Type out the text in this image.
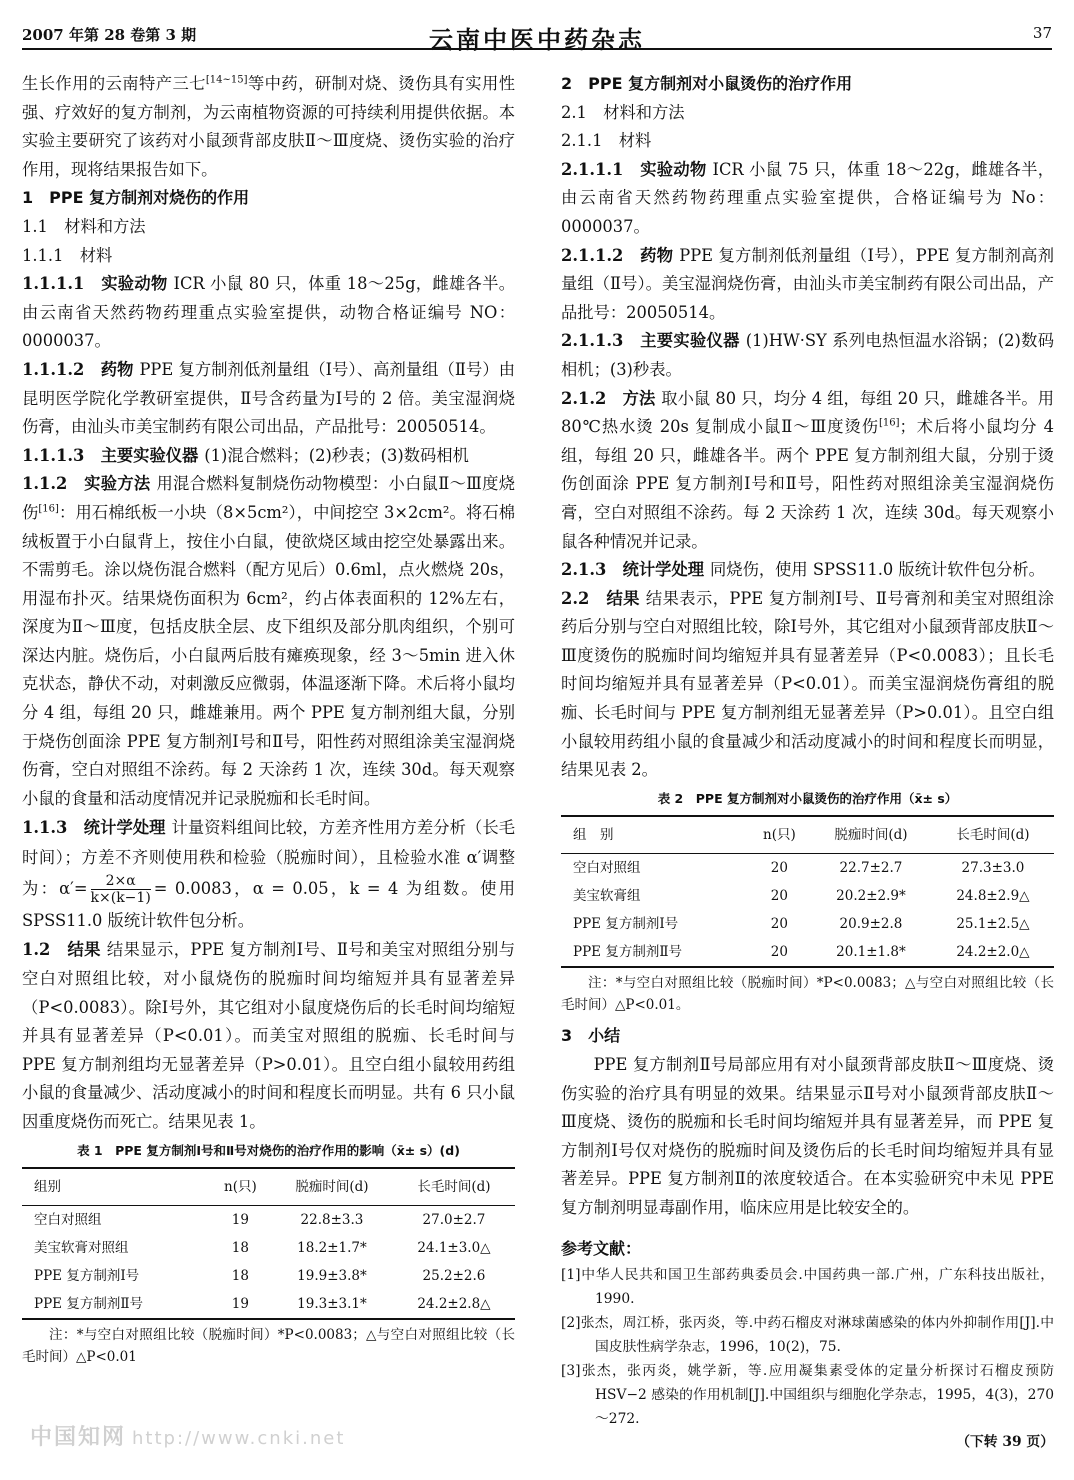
2007 年第 28 卷第 3 期	云南中医中药杂志	37

生长作用的云南特产三七[14~15]等中药，研制对烧、烫伤具有实用性强、疗效好的复方制剂，为云南植物资源的可持续利用提供依据。本实验主要研究了该药对小鼠颈背部皮肤Ⅱ～Ⅲ度烧、烫伤实验的治疗作用，现将结果报告如下。

1　PPE 复方制剂对烧伤的作用

1.1　材料和方法

1.1.1　材料

1.1.1.1　实验动物 ICR 小鼠 80 只，体重 18～25g，雌雄各半。由云南省天然药物药理重点实验室提供，动物合格证编号 NO：0000037。

1.1.1.2　药物 PPE 复方制剂低剂量组（Ⅰ号）、高剂量组（Ⅱ号）由昆明医学院化学教研室提供，Ⅱ号含药量为Ⅰ号的 2 倍。美宝湿润烧伤膏，由汕头市美宝制药有限公司出品，产品批号：20050514。

1.1.1.3　主要实验仪器 (1)混合燃料；(2)秒表；(3)数码相机

1.1.2　实验方法 用混合燃料复制烧伤动物模型：小白鼠Ⅱ～Ⅲ度烧伤[16]：用石棉纸板一小块（8×5cm²），中间挖空 3×2cm²。将石棉绒板置于小白鼠背上，按住小白鼠，使欲烧区域由挖空处暴露出来。不需剪毛。涂以烧伤混合燃料（配方见后）0.6ml，点火燃烧 20s，用湿布扑灭。结果烧伤面积为 6cm²，约占体表面积的 12%左右，深度为Ⅱ～Ⅲ度，包括皮肤全层、皮下组织及部分肌肉组织，个别可深达内脏。烧伤后，小白鼠两后肢有瘫痪现象，经 3～5min 进入休克状态，静伏不动，对刺激反应微弱，体温逐渐下降。术后将小鼠均分 4 组，每组 20 只，雌雄兼用。两个 PPE 复方制剂组大鼠，分别于烧伤创面涂 PPE 复方制剂Ⅰ号和Ⅱ号，阳性药对照组涂美宝湿润烧伤膏，空白对照组不涂药。每 2 天涂药 1 次，连续 30d。每天观察小鼠的食量和活动度情况并记录脱痂和长毛时间。

1.1.3　统计学处理 计量资料组间比较，方差齐性用方差分析（长毛时间）；方差不齐则使用秩和检验（脱痂时间），且检验水准 α′调整为：$\alpha'= \frac{2\times\alpha}{k\times(k-1)} = 0.0083$，α = 0.05，k = 4 为组数。使用 SPSS11.0 版统计软件包分析。

1.2　结果 结果显示，PPE 复方制剂Ⅰ号、Ⅱ号和美宝对照组分别与空白对照组比较，对小鼠烧伤的脱痂时间均缩短并具有显著差异（P<0.0083）。除Ⅰ号外，其它组对小鼠度烧伤后的长毛时间均缩短并具有显著差异（P<0.01）。而美宝对照组的脱痂、长毛时间与 PPE 复方制剂组均无显著差异（P>0.01）。且空白组小鼠较用药组小鼠的食量减少、活动度减小的时间和程度长而明显。共有 6 只小鼠因重度烧伤而死亡。结果见表 1。

表 1　PPE 复方制剂Ⅰ号和Ⅱ号对烧伤的治疗作用的影响（x̄± s）(d)
组别	n(只)	脱痂时间(d)	长毛时间(d)
空白对照组	19	22.8±3.3	27.0±2.7
美宝软膏对照组	18	18.2±1.7*	24.1±3.0△
PPE 复方制剂Ⅰ号	18	19.9±3.8*	25.2±2.6
PPE 复方制剂Ⅱ号	19	19.3±3.1*	24.2±2.8△
注：*与空白对照组比较（脱痂时间）*P<0.0083；△与空白对照组比较（长毛时间）△P<0.01

2　PPE 复方制剂对小鼠烫伤的治疗作用

2.1　材料和方法

2.1.1　材料

2.1.1.1　实验动物 ICR 小鼠 75 只，体重 18～22g，雌雄各半，由云南省天然药物药理重点实验室提供，合格证编号为 No：0000037。

2.1.1.2　药物 PPE 复方制剂低剂量组（Ⅰ号），PPE 复方制剂高剂量组（Ⅱ号）。美宝湿润烧伤膏，由汕头市美宝制药有限公司出品，产品批号：20050514。

2.1.1.3　主要实验仪器 (1)HW·SY 系列电热恒温水浴锅；(2)数码相机；(3)秒表。

2.1.2　方法 取小鼠 80 只，均分 4 组，每组 20 只，雌雄各半。用 80℃热水烫 20s 复制成小鼠Ⅱ～Ⅲ度烫伤[16]；术后将小鼠均分 4 组，每组 20 只，雌雄各半。两个 PPE 复方制剂组大鼠，分别于烫伤创面涂 PPE 复方制剂Ⅰ号和Ⅱ号，阳性药对照组涂美宝湿润烧伤膏，空白对照组不涂药。每 2 天涂药 1 次，连续 30d。每天观察小鼠各种情况并记录。

2.1.3　统计学处理 同烧伤，使用 SPSS11.0 版统计软件包分析。

2.2　结果 结果表示，PPE 复方制剂Ⅰ号、Ⅱ号膏剂和美宝对照组涂药后分别与空白对照组比较，除Ⅰ号外，其它组对小鼠颈背部皮肤Ⅱ～Ⅲ度烫伤的脱痂时间均缩短并具有显著差异（P<0.0083）；且长毛时间均缩短并具有显著差异（P<0.01）。而美宝湿润烧伤膏组的脱痂、长毛时间与 PPE 复方制剂组无显著差异（P>0.01）。且空白组小鼠较用药组小鼠的食量减少和活动度减小的时间和程度长而明显，结果见表 2。

表 2　PPE 复方制剂对小鼠烫伤的治疗作用（x̄± s）
组　别	n(只)	脱痂时间(d)	长毛时间(d)
空白对照组	20	22.7±2.7	27.3±3.0
美宝软膏组	20	20.2±2.9*	24.8±2.9△
PPE 复方制剂Ⅰ号	20	20.9±2.8	25.1±2.5△
PPE 复方制剂Ⅱ号	20	20.1±1.8*	24.2±2.0△
注：*与空白对照组比较（脱痂时间）*P<0.0083；△与空白对照组比较（长毛时间）△P<0.01。

3　小结

PPE 复方制剂Ⅱ号局部应用有对小鼠颈背部皮肤Ⅱ～Ⅲ度烧、烫伤实验的治疗具有明显的效果。结果显示Ⅱ号对小鼠颈背部皮肤Ⅱ～Ⅲ度烧、烫伤的脱痂和长毛时间均缩短并具有显著差异，而 PPE 复方制剂Ⅰ号仅对烧伤的脱痂时间及烫伤后的长毛时间均缩短并具有显著差异。PPE 复方制剂Ⅱ的浓度较适合。在本实验研究中未见 PPE 复方制剂明显毒副作用，临床应用是比较安全的。

参考文献：
[1]中华人民共和国卫生部药典委员会.中国药典一部.广州，广东科技出版社，1990.
[2]张杰，周江桥，张丙炎，等.中药石榴皮对淋球菌感染的体内外抑制作用[J].中国皮肤性病学杂志，1996，10(2)，75.
[3]张杰，张丙炎，姚学新，等.应用凝集素受体的定量分析探讨石榴皮预防 HSV−2 感染的作用机制[J].中国组织与细胞化学杂志，1995，4(3)，270～272.
（下转 39 页）
中国知网 http://www.cnki.net
